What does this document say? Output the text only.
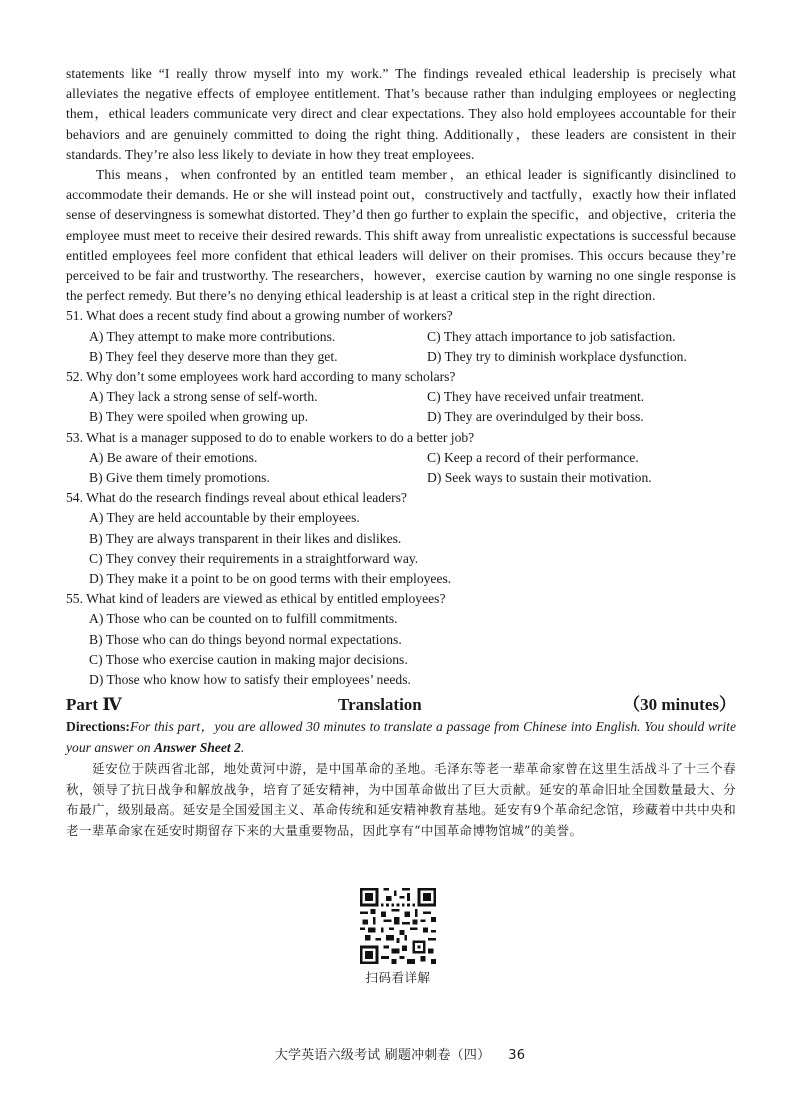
statements like “I really throw myself into my work.” The findings revealed ethical leadership is precisely what alleviates the negative effects of employee entitlement. That’s because rather than indulging employees or neglecting them，ethical leaders communicate very direct and clear expectations. They also hold employees accountable for their behaviors and are genuinely committed to doing the right thing. Additionally，these leaders are consistent in their standards. They’re also less likely to deviate in how they treat employees.

This means，when confronted by an entitled team member，an ethical leader is significantly disinclined to accommodate their demands. He or she will instead point out，constructively and tactfully，exactly how their inflated sense of deservingness is somewhat distorted. They’d then go further to explain the specific，and objective，criteria the employee must meet to receive their desired rewards. This shift away from unrealistic expectations is successful because entitled employees feel more confident that ethical leaders will deliver on their promises. This occurs because they’re perceived to be fair and trustworthy. The researchers，however，exercise caution by warning no one single response is the perfect remedy. But there’s no denying ethical leadership is at least a critical step in the right direction.

51. What does a recent study find about a growing number of workers?

A) They attempt to make more contributions.	C) They attach importance to job satisfaction.
B) They feel they deserve more than they get.	D) They try to diminish workplace dysfunction.

52. Why don’t some employees work hard according to many scholars?

A) They lack a strong sense of self-worth.	C) They have received unfair treatment.
B) They were spoiled when growing up.	D) They are overindulged by their boss.

53. What is a manager supposed to do to enable workers to do a better job?

A) Be aware of their emotions.	C) Keep a record of their performance.
B) Give them timely promotions.	D) Seek ways to sustain their motivation.

54. What do the research findings reveal about ethical leaders?

A) They are held accountable by their employees.
B) They are always transparent in their likes and dislikes.
C) They convey their requirements in a straightforward way.
D) They make it a point to be on good terms with their employees.

55. What kind of leaders are viewed as ethical by entitled employees?

A) Those who can be counted on to fulfill commitments.
B) Those who can do things beyond normal expectations.
C) Those who exercise caution in making major decisions.
D) Those who know how to satisfy their employees’ needs.
Part Ⅳ	Translation	（30 minutes）

Directions:For this part，you are allowed 30 minutes to translate a passage from Chinese into English. You should write your answer on Answer Sheet 2.

延安位于陕西省北部，地处黄河中游，是中国革命的圣地。毛泽东等老一辈革命家曾在这里生活战斗了十三个春秋，领导了抗日战争和解放战争，培育了延安精神，为中国革命做出了巨大贡献。延安的革命旧址全国数量最大、分布最广，级别最高。延安是全国爱国主义、革命传统和延安精神教育基地。延安有9个革命纪念馆，珍藏着中共中央和老一辈革命家在延安时期留存下来的大量重要物品，因此享有“中国革命博物馆城”的美誉。

扫码看详解
大学英语六级考试 刷题冲刺卷（四） 36
